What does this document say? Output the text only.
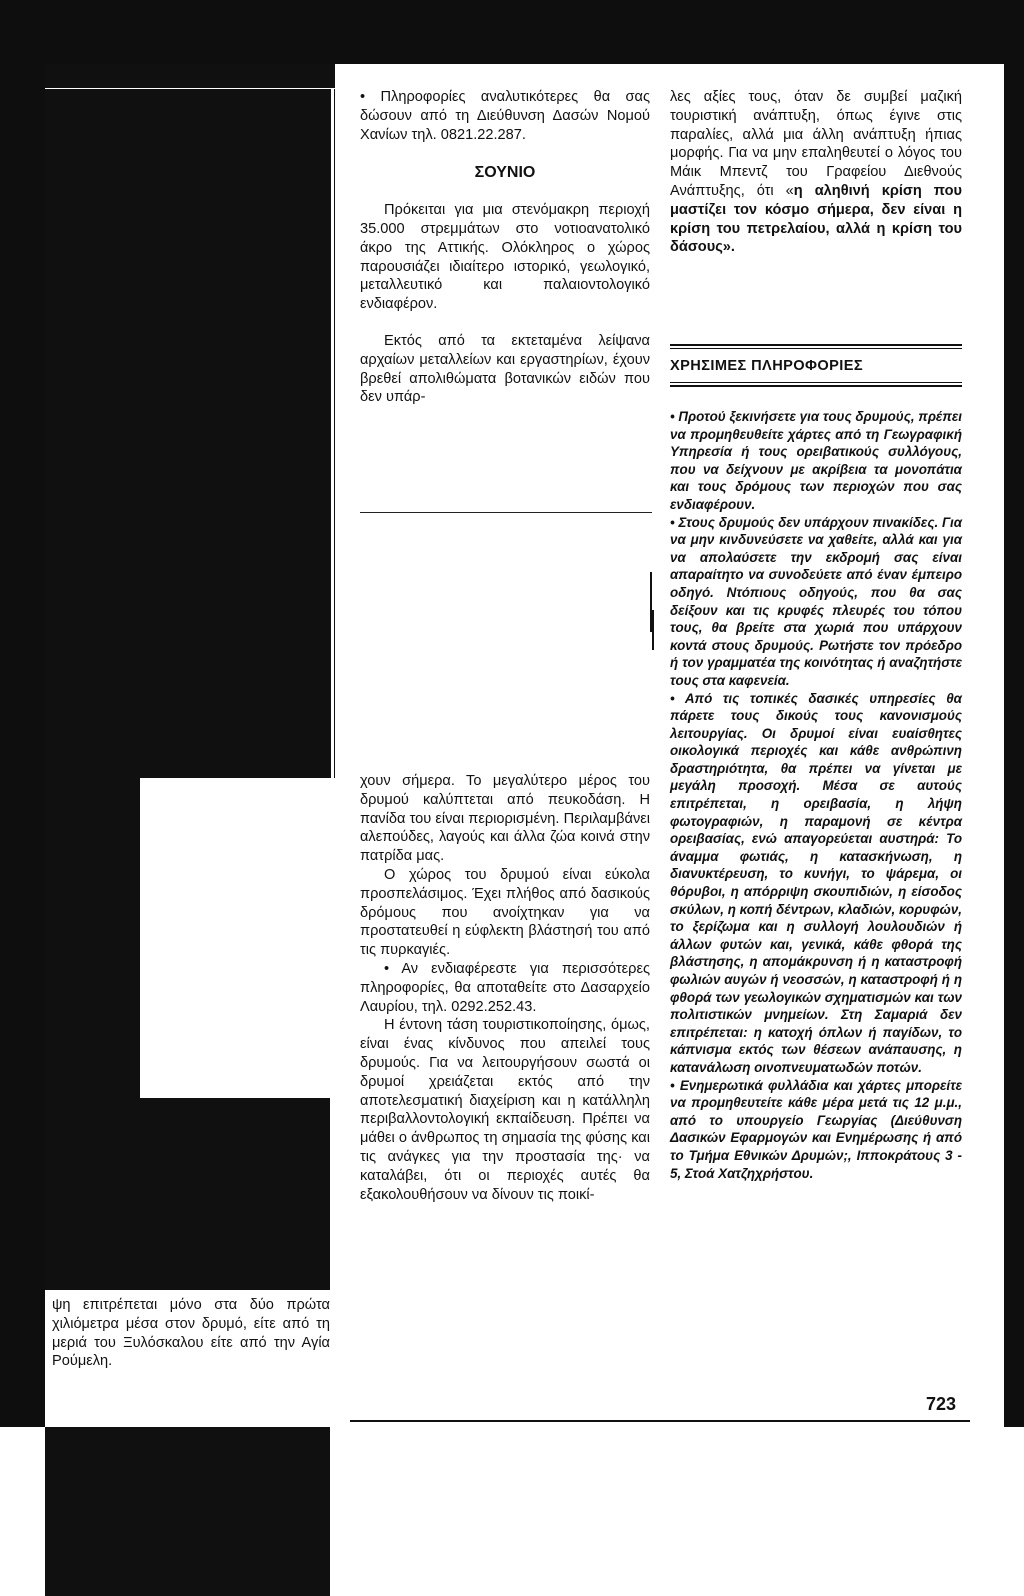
ψη επιτρέπεται μόνο στα δύο πρώτα χιλιόμετρα μέσα στον δρυμό, είτε από τη μεριά του Ξυλόσκαλου είτε από την Αγία Ρούμελη.

• Πληροφορίες αναλυτικότερες θα σας δώσουν από τη Διεύθυνση Δασών Νομού Χανίων τηλ. 0821.22.287.

ΣΟΥΝΙΟ

Πρόκειται για μια στενόμακρη περιοχή 35.000 στρεμμάτων στο νοτιοανατολικό άκρο της Αττικής. Ολόκληρος ο χώρος παρουσιάζει ιδιαίτερο ιστορικό, γεωλογικό, μεταλλευτικό και παλαιοντολογικό ενδιαφέρον.

Εκτός από τα εκτεταμένα λείψανα αρχαίων μεταλλείων και εργαστηρίων, έχουν βρεθεί απολιθώματα βοτανικών ειδών που δεν υπάρ-

χουν σήμερα. Το μεγαλύτερο μέρος του δρυμού καλύπτεται από πευκοδάση. Η πανίδα του είναι περιορισμένη. Περιλαμβάνει αλεπούδες, λαγούς και άλλα ζώα κοινά στην πατρίδα μας.

Ο χώρος του δρυμού είναι εύκολα προσπελάσιμος. Έχει πλήθος από δασικούς δρόμους που ανοίχτηκαν για να προστατευθεί η εύφλεκτη βλάστησή του από τις πυρκαγιές.

• Αν ενδιαφέρεστε για περισσότερες πληροφορίες, θα αποταθείτε στο Δασαρχείο Λαυρίου, τηλ. 0292.252.43.

Η έντονη τάση τουριστικοποίησης, όμως, είναι ένας κίνδυνος που απειλεί τους δρυμούς. Για να λειτουργήσουν σωστά οι δρυμοί χρειάζεται εκτός από την αποτελεσματική διαχείριση και η κατάλληλη περιβαλλοντολογική εκπαίδευση. Πρέπει να μάθει ο άνθρωπος τη σημασία της φύσης και τις ανάγκες για την προστασία της· να καταλάβει, ότι οι περιοχές αυτές θα εξακολουθήσουν να δίνουν τις ποικί-

λες αξίες τους, όταν δε συμβεί μαζική τουριστική ανάπτυξη, όπως έγινε στις παραλίες, αλλά μια άλλη ανάπτυξη ήπιας μορφής. Για να μην επαληθευτεί ο λόγος του Μάικ Μπεντζ του Γραφείου Διεθνούς Ανάπτυξης, ότι «η αληθινή κρίση που μαστίζει τον κόσμο σήμερα, δεν είναι η κρίση του πετρελαίου, αλλά η κρίση του δάσους».

ΧΡΗΣΙΜΕΣ ΠΛΗΡΟΦΟΡΙΕΣ

• Προτού ξεκινήσετε για τους δρυμούς, πρέπει να προμηθευθείτε χάρτες από τη Γεωγραφική Υπηρεσία ή τους ορειβατικούς συλλόγους, που να δείχνουν με ακρίβεια τα μονοπάτια και τους δρόμους των περιοχών που σας ενδιαφέρουν.

• Στους δρυμούς δεν υπάρχουν πινακίδες. Για να μην κινδυνεύσετε να χαθείτε, αλλά και για να απολαύσετε την εκδρομή σας είναι απαραίτητο να συνοδεύετε από έναν έμπειρο οδηγό. Ντόπιους οδηγούς, που θα σας δείξουν και τις κρυφές πλευρές του τόπου τους, θα βρείτε στα χωριά που υπάρχουν κοντά στους δρυμούς. Ρωτήστε τον πρόεδρο ή τον γραμματέα της κοινότητας ή αναζητήστε τους στα καφενεία.

• Από τις τοπικές δασικές υπηρεσίες θα πάρετε τους δικούς τους κανονισμούς λειτουργίας. Οι δρυμοί είναι ευαίσθητες οικολογικά περιοχές και κάθε ανθρώπινη δραστηριότητα, θα πρέπει να γίνεται με μεγάλη προσοχή. Μέσα σε αυτούς επιτρέπεται, η ορειβασία, η λήψη φωτογραφιών, η παραμονή σε κέντρα ορειβασίας, ενώ απαγορεύεται αυστηρά: Το άναμμα φωτιάς, η κατασκήνωση, η διανυκτέρευση, το κυνήγι, το ψάρεμα, οι θόρυβοι, η απόρριψη σκουπιδιών, η είσοδος σκύλων, η κοπή δέντρων, κλαδιών, κορυφών, το ξερίζωμα και η συλλογή λουλουδιών ή άλλων φυτών και, γενικά, κάθε φθορά της βλάστησης, η απομάκρυνση ή η καταστροφή φωλιών αυγών ή νεοσσών, η καταστροφή ή η φθορά των γεωλογικών σχηματισμών και των πολιτιστικών μνημείων. Στη Σαμαριά δεν επιτρέπεται: η κατοχή όπλων ή παγίδων, το κάπνισμα εκτός των θέσεων ανάπαυσης, η κατανάλωση οινοπνευματωδών ποτών.

• Ενημερωτικά φυλλάδια και χάρτες μπορείτε να προμηθευτείτε κάθε μέρα μετά τις 12 μ.μ., από το υπουργείο Γεωργίας (Διεύθυνση Δασικών Εφαρμογών και Ενημέρωσης ή από το Τμήμα Εθνικών Δρυμών;, Ιπποκράτους 3 - 5, Στοά Χατζηχρήστου.

723
